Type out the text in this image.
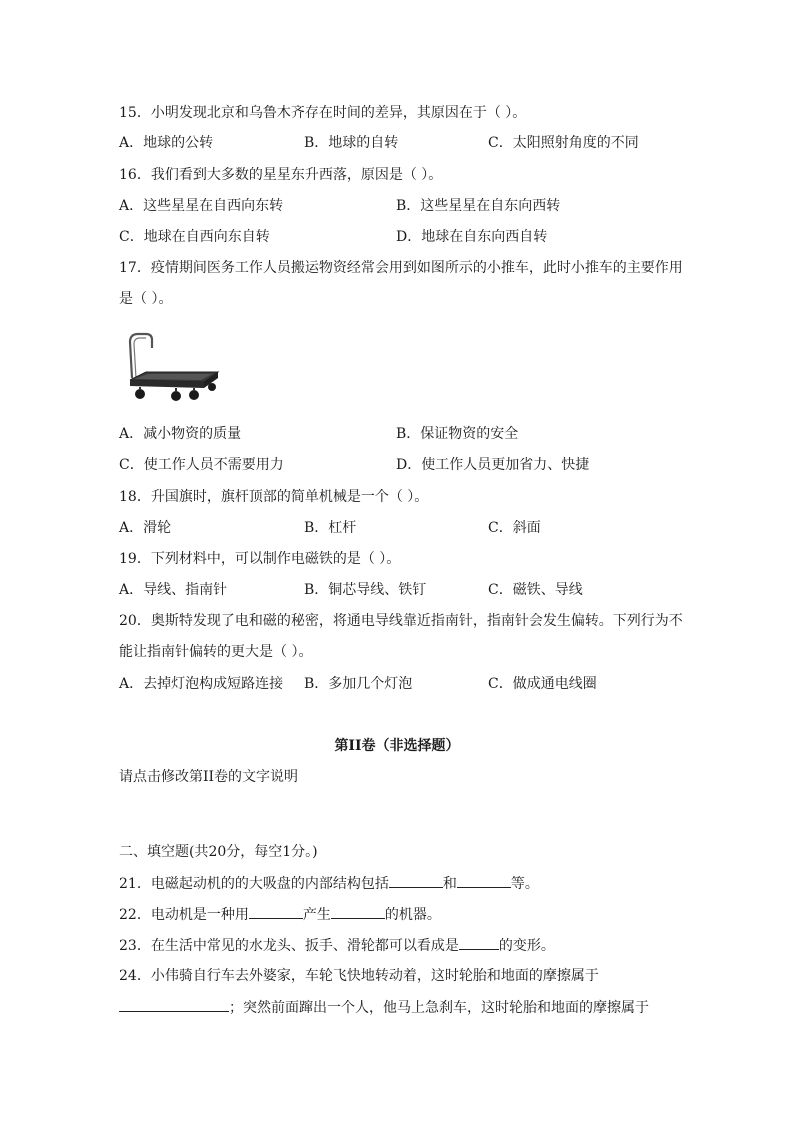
15．小明发现北京和乌鲁木齐存在时间的差异，其原因在于（ ）。
A．地球的公转	B．地球的自转	C．太阳照射角度的不同
16．我们看到大多数的星星东升西落，原因是（ ）。
A．这些星星在自西向东转	B．这些星星在自东向西转
C．地球在自西向东自转	D．地球在自东向西自转
17．疫情期间医务工作人员搬运物资经常会用到如图所示的小推车，此时小推车的主要作用
是（ ）。
A．减小物资的质量	B．保证物资的安全
C．使工作人员不需要用力	D．使工作人员更加省力、快捷
18．升国旗时，旗杆顶部的简单机械是一个（ ）。
A．滑轮	B．杠杆	C．斜面
19．下列材料中，可以制作电磁铁的是（ ）。
A．导线、指南针	B．铜芯导线、铁钉	C．磁铁、导线
20．奥斯特发现了电和磁的秘密，将通电导线靠近指南针，指南针会发生偏转。下列行为不
能让指南针偏转的更大是（ ）。
A．去掉灯泡构成短路连接 B．多加几个灯泡	C．做成通电线圈
第II卷（非选择题）
请点击修改第II卷的文字说明
二、填空题(共20分，每空1分。)
21．电磁起动机的的大吸盘的内部结构包括	和	等。
22．电动机是一种用	产生	的机器。
23．在生活中常见的水龙头、扳手、滑轮都可以看成是	的变形。
24．小伟骑自行车去外婆家，车轮飞快地转动着，这时轮胎和地面的摩擦属于
；突然前面蹿出一个人，他马上急刹车，这时轮胎和地面的摩擦属于
